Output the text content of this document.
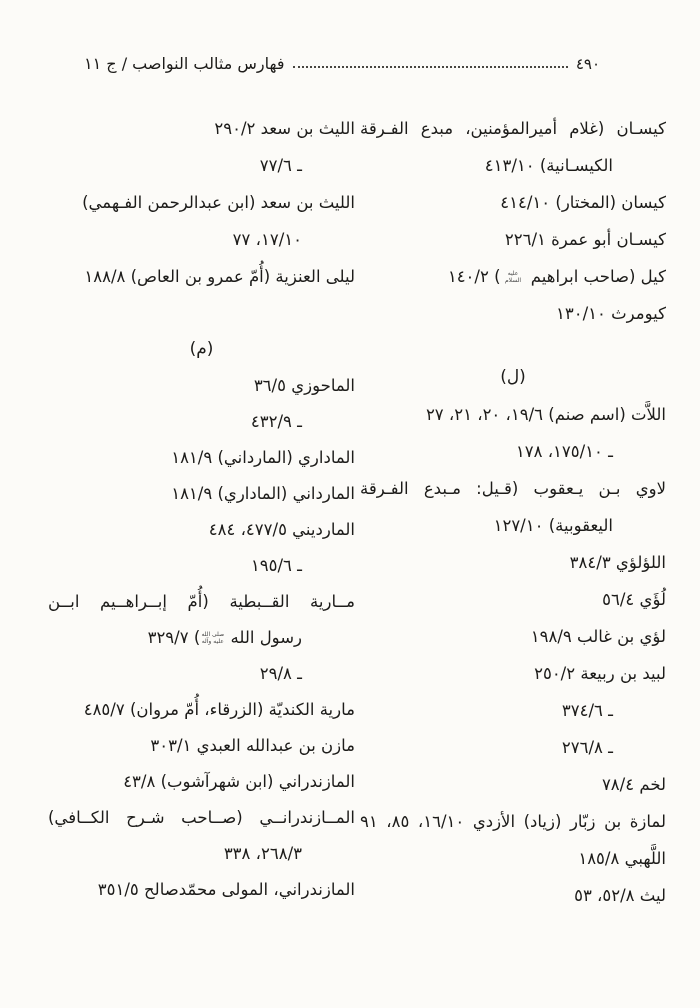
٤٩٠
فهارس مثالب النواصب / ج ١١
كيسـان (غلام أميرالمؤمنين، مبدع الفـرقة
الكيسـانية) ٤١٣/١٠
كيسان (المختار) ٤١٤/١٠
كيسـان أبو عمرة ٢٢٦/١
كيل (صاحب ابراهيم عليه السلام) ١٤٠/٢
كيومرث ١٣٠/١٠
(ل)
اللاَّت (اسم صنم) ١٩/٦، ٢٠، ٢١، ٢٧
ـ ١٧٥/١٠، ١٧٨
لاوي بـن يـعقوب (قـيل: مـبدع الفـرقة
اليعقوبية) ١٢٧/١٠
اللؤلؤي ٣٨٤/٣
لُؤَي ٥٦/٤
لؤي بن غالب ١٩٨/٩
لبيد بن ربيعة ٢٥٠/٢
ـ ٣٧٤/٦
ـ ٢٧٦/٨
لخم ٧٨/٤
لمازة بن زبّار (زياد) الأزدي ١٦/١٠، ٨٥، ٩١
اللَّهبي ١٨٥/٨
ليث ٥٢/٨، ٥٣
الليث بن سعد ٢٩٠/٢
ـ ٧٧/٦
الليث بن سعد (ابن عبدالرحمن الفـهمي)
١٧/١٠، ٧٧
ليلى العنزية (أُمّ عمرو بن العاص) ١٨٨/٨
(م)
الماحوزي ٣٦/٥
ـ ٤٣٢/٩
الماداري (المارداني) ١٨١/٩
المارداني (الماداري) ١٨١/٩
المارديني ٤٧٧/٥، ٤٨٤
ـ ١٩٥/٦
مــارية القــبطية (أُمّ إبــراهــيم ابــن
رسول الله صلى الله عليه وآله) ٣٢٩/٧
ـ ٢٩/٨
مارية الكنديّة (الزرقاء، أُمّ مروان) ٤٨٥/٧
مازن بن عبدالله العبدي ٣٠٣/١
المازندراني (ابن شهرآشوب) ٤٣/٨
المــازندرانــي (صــاحب شـرح الكــافي)
٢٦٨/٣، ٣٣٨
المازندراني، المولى محمّدصالح ٣٥١/٥
